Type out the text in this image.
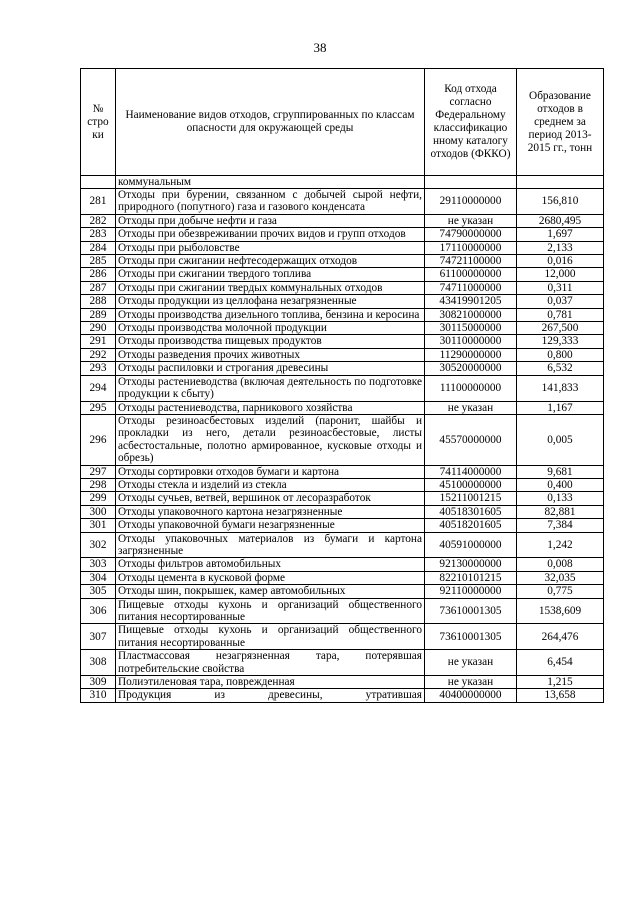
38
№ стро ки	Наименование видов отходов, сгруппированных по классам опасности для окружающей среды	Код отхода согласно Федеральному классификацио нному каталогу отходов (ФККО)	Образование отходов в среднем за период 2013-2015 гг., тонн
	коммунальным		
281	Отходы при бурении, связанном с добычей сырой нефти, природного (попутного) газа и газового конденсата	29110000000	156,810
282	Отходы при добыче нефти и газа	не указан	2680,495
283	Отходы при обезвреживании прочих видов и групп отходов	74790000000	1,697
284	Отходы при рыболовстве	17110000000	2,133
285	Отходы при сжигании нефтесодержащих отходов	74721100000	0,016
286	Отходы при сжигании твердого топлива	61100000000	12,000
287	Отходы при сжигании твердых коммунальных отходов	74711000000	0,311
288	Отходы продукции из целлофана незагрязненные	43419901205	0,037
289	Отходы производства дизельного топлива, бензина и керосина	30821000000	0,781
290	Отходы производства молочной продукции	30115000000	267,500
291	Отходы производства пищевых продуктов	30110000000	129,333
292	Отходы разведения прочих животных	11290000000	0,800
293	Отходы распиловки и строгания древесины	30520000000	6,532
294	Отходы растениеводства (включая деятельность по подготовке продукции к сбыту)	11100000000	141,833
295	Отходы растениеводства, парникового хозяйства	не указан	1,167
296	Отходы резиноасбестовых изделий (паронит, шайбы и прокладки из него, детали резиноасбестовые, листы асбестостальные, полотно армированное, кусковые отходы и обрезь)	45570000000	0,005
297	Отходы сортировки отходов бумаги и картона	74114000000	9,681
298	Отходы стекла и изделий из стекла	45100000000	0,400
299	Отходы сучьев, ветвей, вершинок от лесоразработок	15211001215	0,133
300	Отходы упаковочного картона незагрязненные	40518301605	82,881
301	Отходы упаковочной бумаги незагрязненные	40518201605	7,384
302	Отходы упаковочных материалов из бумаги и картона загрязненные	40591000000	1,242
303	Отходы фильтров автомобильных	92130000000	0,008
304	Отходы цемента в кусковой форме	82210101215	32,035
305	Отходы шин, покрышек, камер автомобильных	92110000000	0,775
306	Пищевые отходы кухонь и организаций общественного питания несортированные	73610001305	1538,609
307	Пищевые отходы кухонь и организаций общественного питания несортированные	73610001305	264,476
308	Пластмассовая незагрязненная тара, потерявшая потребительские свойства	не указан	6,454
309	Полиэтиленовая тара, поврежденная	не указан	1,215
310	Продукция из древесины, утратившая	40400000000	13,658
